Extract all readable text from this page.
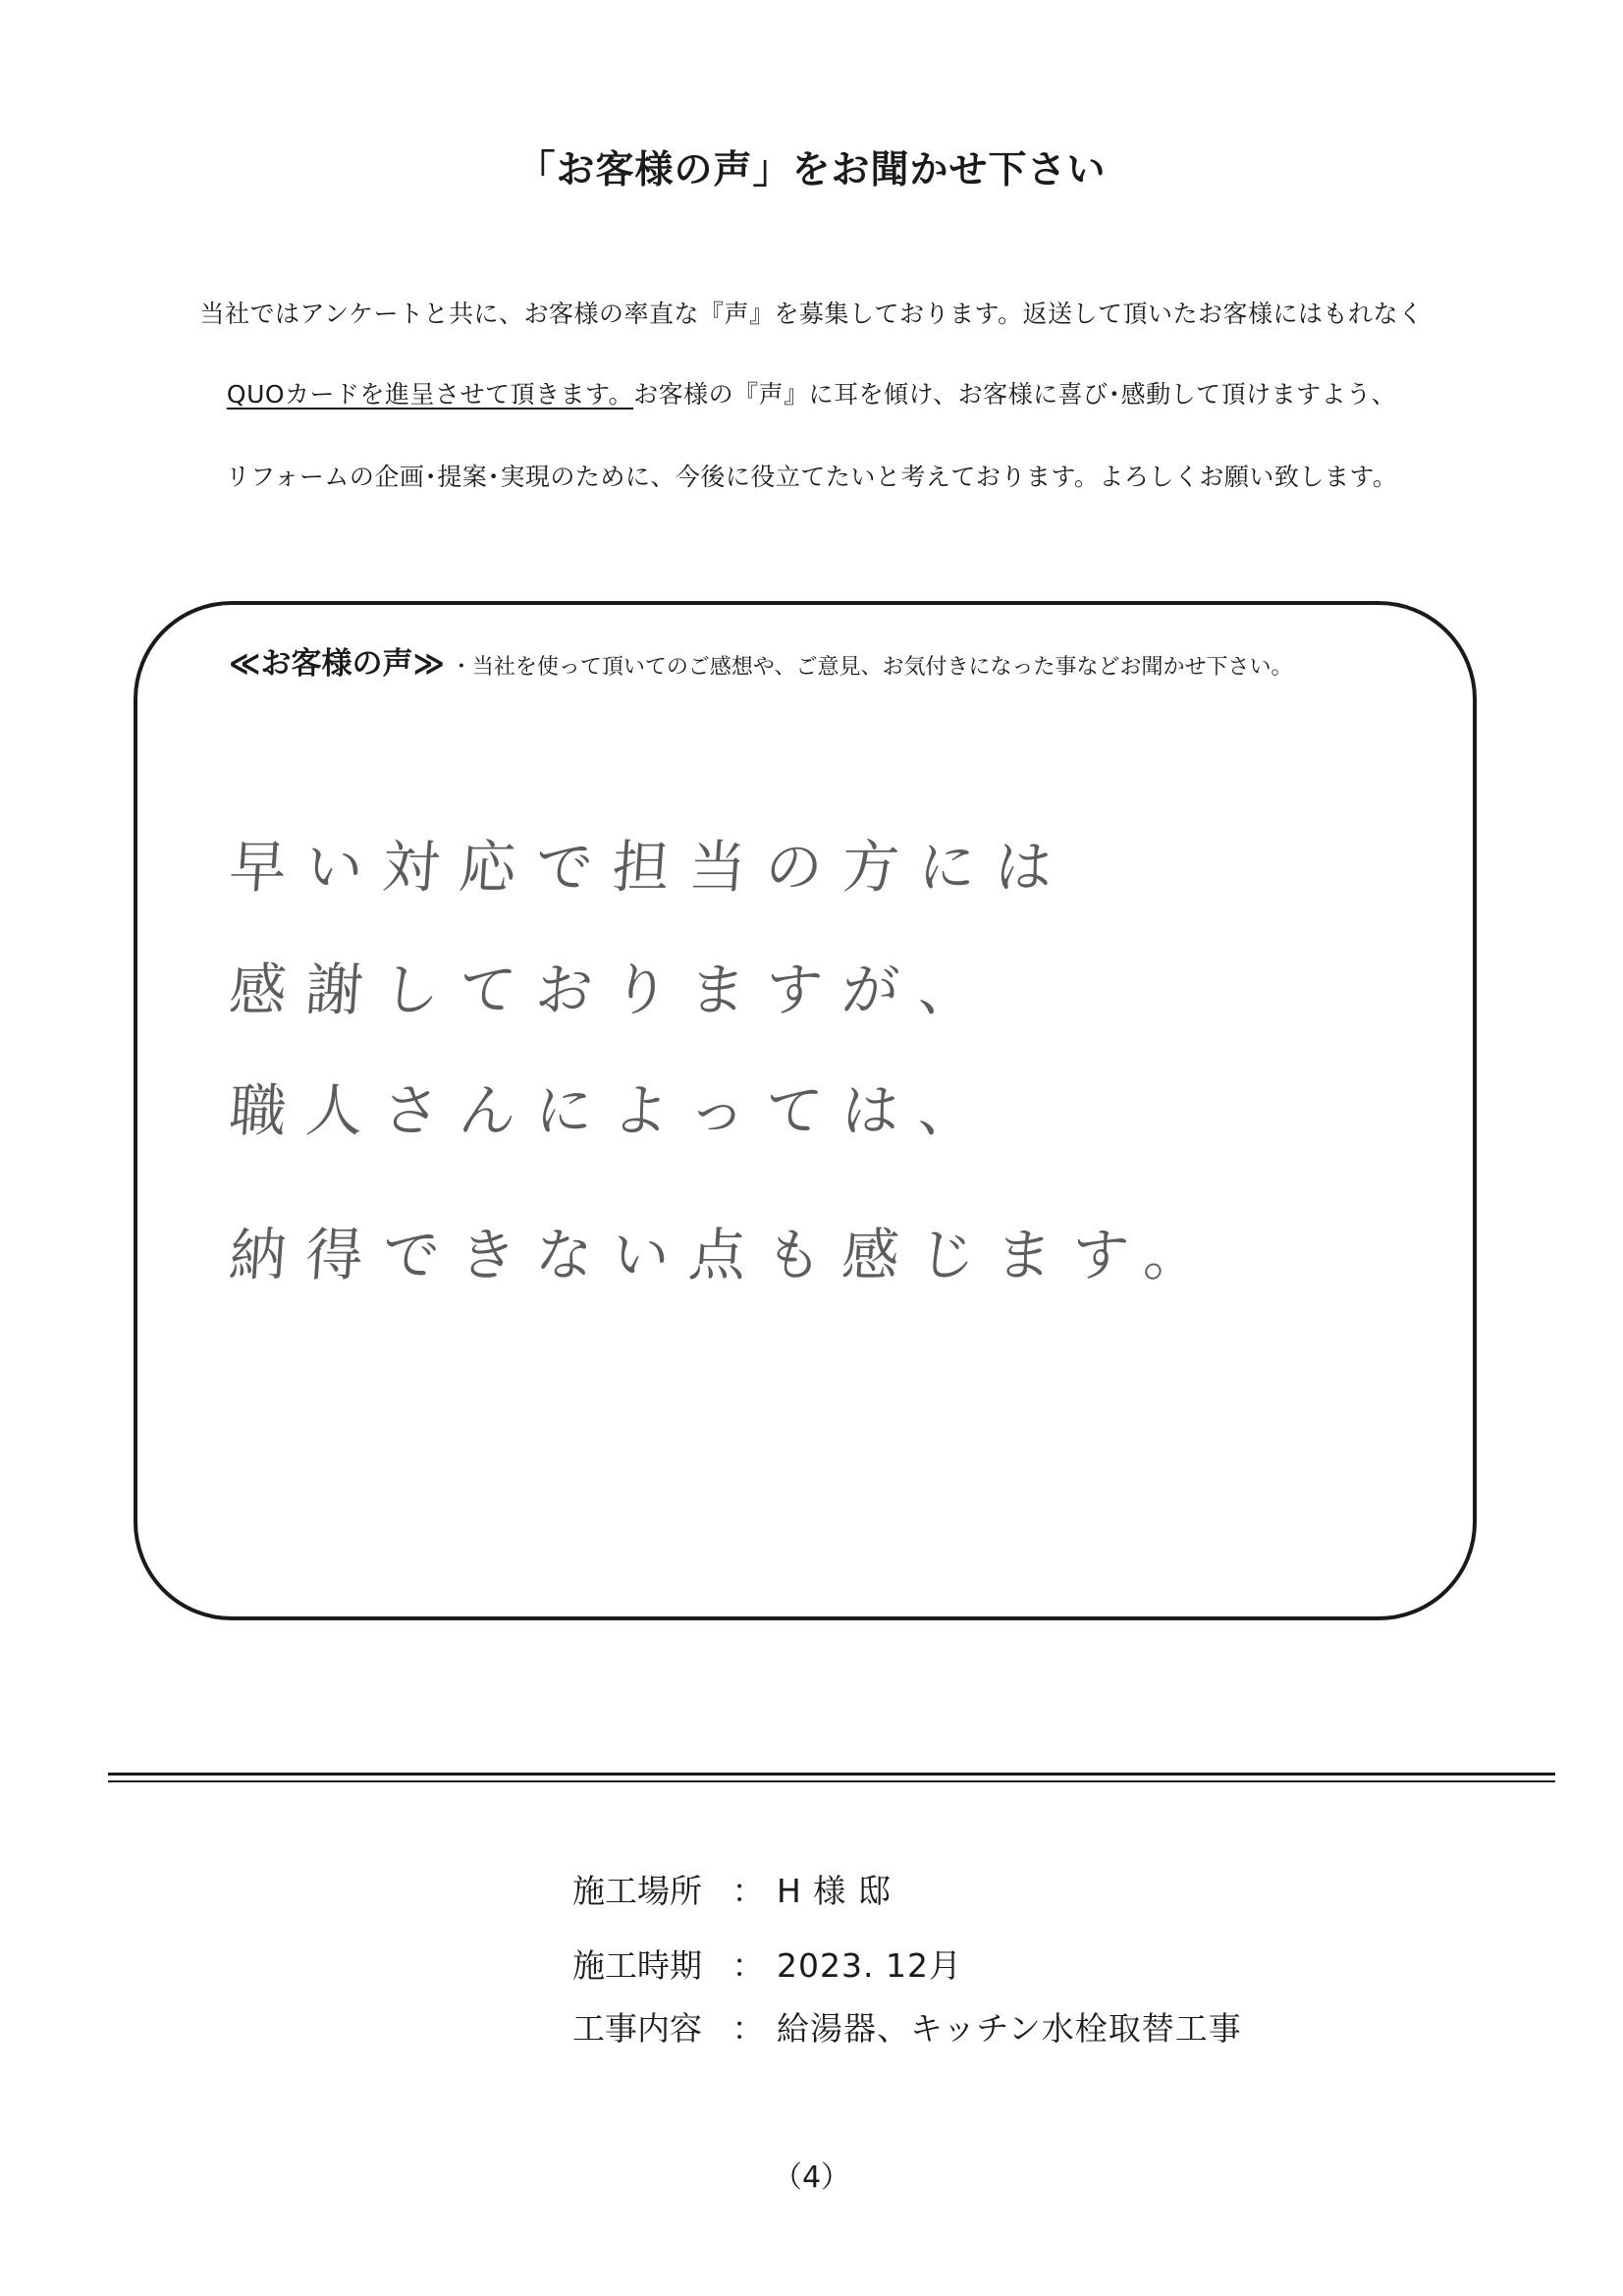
「お客様の声」をお聞かせ下さい
当社ではアンケートと共に、お客様の率直な『声』を募集しております。返送して頂いたお客様にはもれなく
QUOカードを進呈させて頂きます。お客様の『声』に耳を傾け、お客様に喜び･感動して頂けますよう、
リフォームの企画･提案･実現のために、今後に役立てたいと考えております。よろしくお願い致します。
≪お客様の声≫ ・当社を使って頂いてのご感想や、ご意見、お気付きになった事などお聞かせ下さい。
早い対応で担当の方には
感謝しておりますが、
職人さんによっては、
納得できない点も感じます。
施工場所 ： H 様 邸
施工時期 ： 2023. 12月
工事内容 ： 給湯器、キッチン水栓取替工事
（4）
